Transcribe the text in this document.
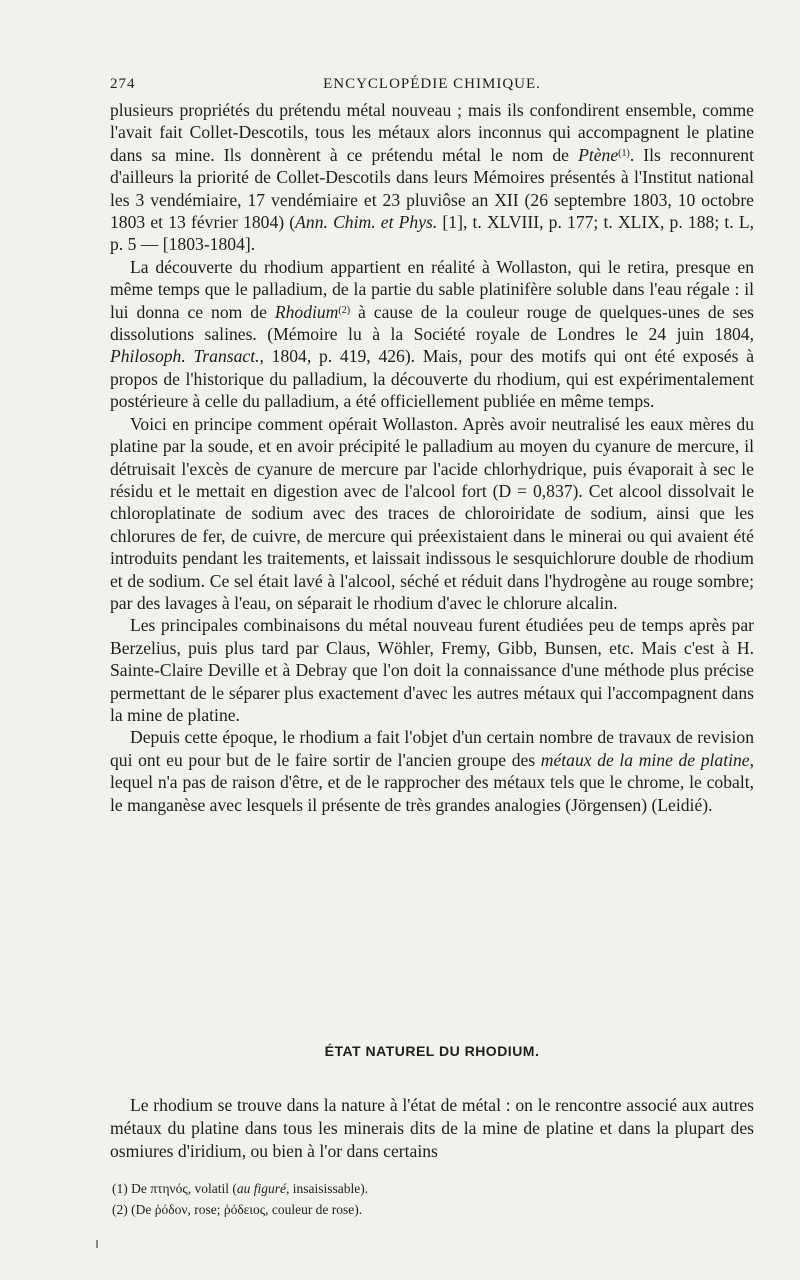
274	ENCYCLOPÉDIE CHIMIQUE.

plusieurs propriétés du prétendu métal nouveau ; mais ils confondirent ensemble, comme l'avait fait Collet-Descotils, tous les métaux alors inconnus qui accompagnent le platine dans sa mine. Ils donnèrent à ce prétendu métal le nom de Ptène$^{(1)}$. Ils reconnurent d'ailleurs la priorité de Collet-Descotils dans leurs Mémoires présentés à l'Institut national les 3 vendémiaire, 17 vendémiaire et 23 pluviôse an XII (26 septembre 1803, 10 octobre 1803 et 13 février 1804) (Ann. Chim. et Phys. [1], t. XLVIII, p. 177; t. XLIX, p. 188; t. L, p. 5 — [1803-1804].

La découverte du rhodium appartient en réalité à Wollaston, qui le retira, presque en même temps que le palladium, de la partie du sable platinifère soluble dans l'eau régale : il lui donna ce nom de Rhodium$^{(2)}$ à cause de la couleur rouge de quelques-unes de ses dissolutions salines. (Mémoire lu à la Société royale de Londres le 24 juin 1804, Philosoph. Transact., 1804, p. 419, 426). Mais, pour des motifs qui ont été exposés à propos de l'historique du palladium, la découverte du rhodium, qui est expérimentalement postérieure à celle du palladium, a été officiellement publiée en même temps.

Voici en principe comment opérait Wollaston. Après avoir neutralisé les eaux mères du platine par la soude, et en avoir précipité le palladium au moyen du cyanure de mercure, il détruisait l'excès de cyanure de mercure par l'acide chlorhydrique, puis évaporait à sec le résidu et le mettait en digestion avec de l'alcool fort (D = 0,837). Cet alcool dissolvait le chloroplatinate de sodium avec des traces de chloroiridate de sodium, ainsi que les chlorures de fer, de cuivre, de mercure qui préexistaient dans le minerai ou qui avaient été introduits pendant les traitements, et laissait indissous le sesquichlorure double de rhodium et de sodium. Ce sel était lavé à l'alcool, séché et réduit dans l'hydrogène au rouge sombre; par des lavages à l'eau, on séparait le rhodium d'avec le chlorure alcalin.

Les principales combinaisons du métal nouveau furent étudiées peu de temps après par Berzelius, puis plus tard par Claus, Wöhler, Fremy, Gibb, Bunsen, etc. Mais c'est à H. Sainte-Claire Deville et à Debray que l'on doit la connaissance d'une méthode plus précise permettant de le séparer plus exactement d'avec les autres métaux qui l'accompagnent dans la mine de platine.

Depuis cette époque, le rhodium a fait l'objet d'un certain nombre de travaux de revision qui ont eu pour but de le faire sortir de l'ancien groupe des métaux de la mine de platine, lequel n'a pas de raison d'être, et de le rapprocher des métaux tels que le chrome, le cobalt, le manganèse avec lesquels il présente de très grandes analogies (Jörgensen) (Leidié).

ÉTAT NATUREL DU RHODIUM.

Le rhodium se trouve dans la nature à l'état de métal : on le rencontre associé aux autres métaux du platine dans tous les minerais dits de la mine de platine et dans la plupart des osmiures d'iridium, ou bien à l'or dans certains

(1) De πτηνός, volatil (au figuré, insaisissable).

(2) (De ῥόδον, rose; ῥόδειος, couleur de rose).
